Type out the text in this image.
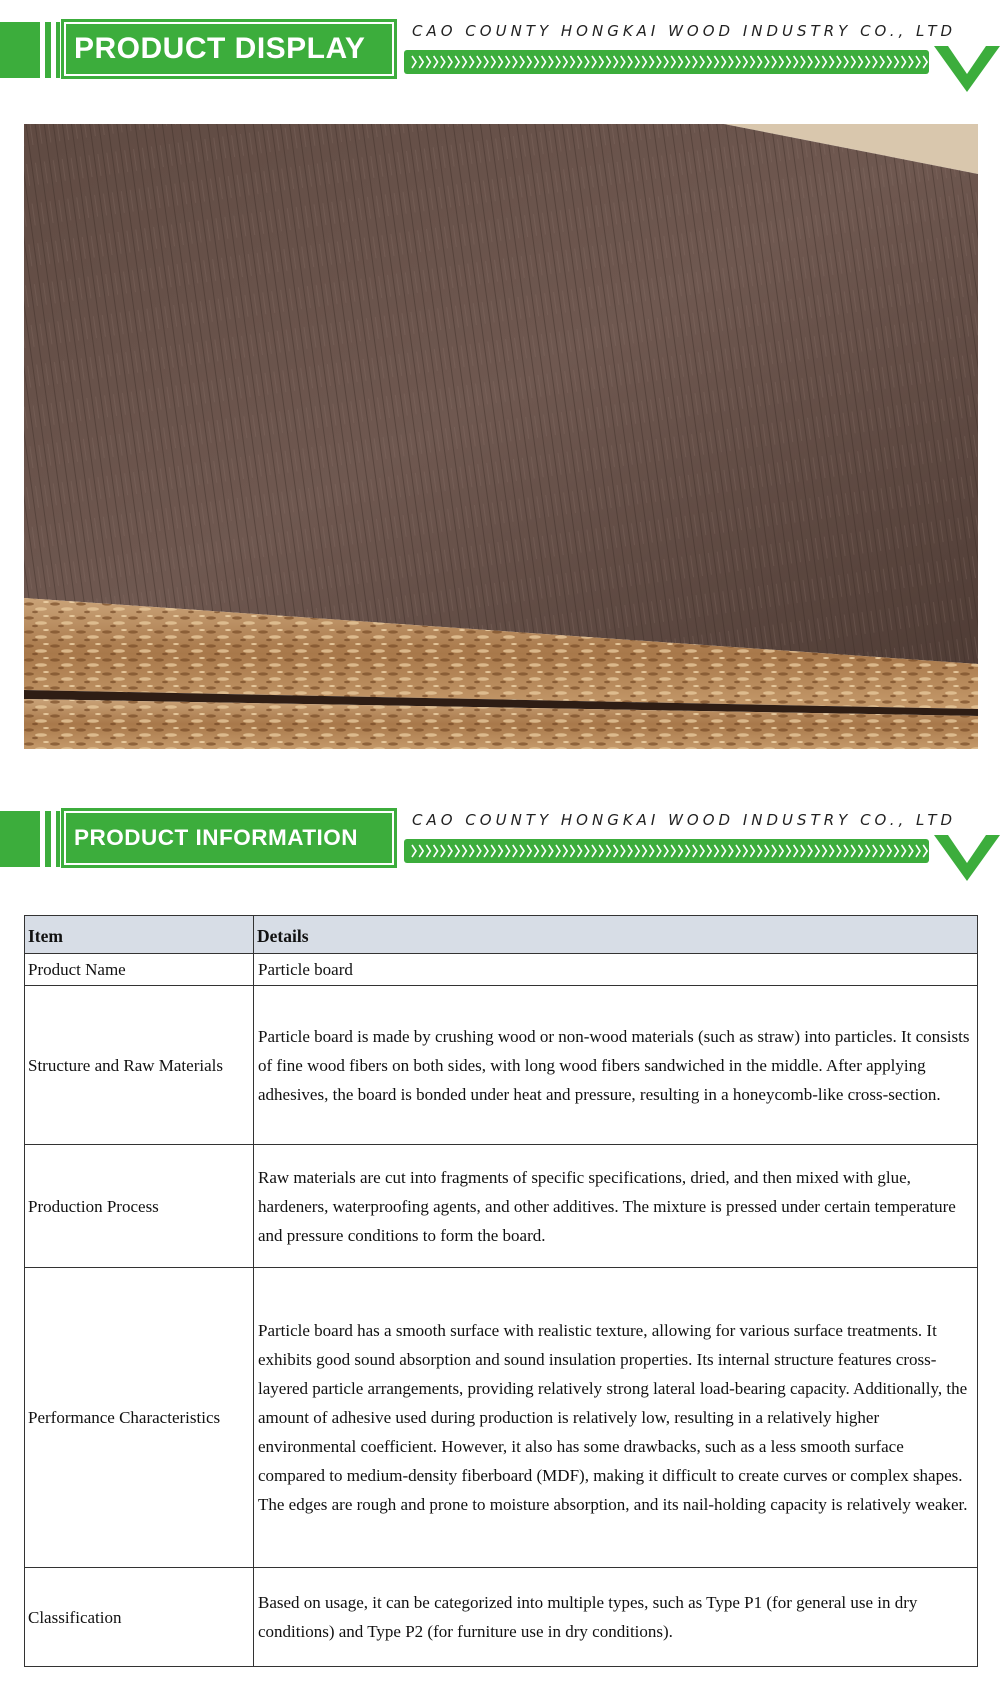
PRODUCT DISPLAY
CAO COUNTY HONGKAI WOOD INDUSTRY CO., LTD
PRODUCT INFORMATION
CAO COUNTY HONGKAI WOOD INDUSTRY CO., LTD
Item	Details
Product Name	Particle board
Structure and Raw Materials	Particle board is made by crushing wood or non-wood materials (such as straw) into particles. It consists of fine wood fibers on both sides, with long wood fibers sandwiched in the middle. After applying adhesives, the board is bonded under heat and pressure, resulting in a honeycomb-like cross-section.
Production Process	Raw materials are cut into fragments of specific specifications, dried, and then mixed with glue, hardeners, waterproofing agents, and other additives. The mixture is pressed under certain temperature and pressure conditions to form the board.
Performance Characteristics	Particle board has a smooth surface with realistic texture, allowing for various surface treatments. It exhibits good sound absorption and sound insulation properties. Its internal structure features cross-layered particle arrangements, providing relatively strong lateral load-bearing capacity. Additionally, the amount of adhesive used during production is relatively low, resulting in a relatively higher environmental coefficient. However, it also has some drawbacks, such as a less smooth surface compared to medium-density fiberboard (MDF), making it difficult to create curves or complex shapes. The edges are rough and prone to moisture absorption, and its nail-holding capacity is relatively weaker.
Classification	Based on usage, it can be categorized into multiple types, such as Type P1 (for general use in dry conditions) and Type P2 (for furniture use in dry conditions).
